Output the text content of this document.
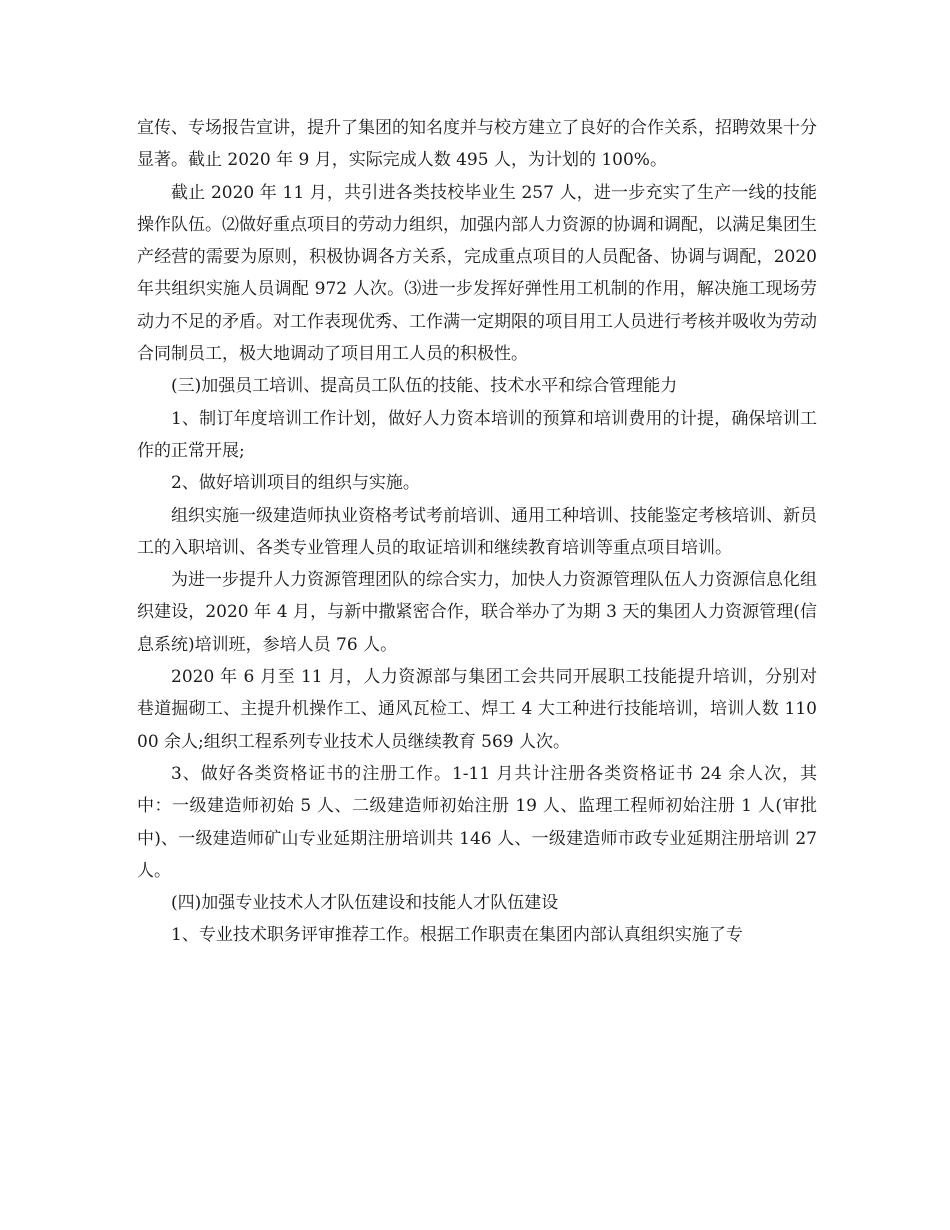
宣传、专场报告宣讲，提升了集团的知名度并与校方建立了良好的合作关系，招聘效果十分显著。截止 2020 年 9 月，实际完成人数 495 人，为计划的 100%。

截止 2020 年 11 月，共引进各类技校毕业生 257 人，进一步充实了生产一线的技能操作队伍。⑵做好重点项目的劳动力组织，加强内部人力资源的协调和调配，以满足集团生产经营的需要为原则，积极协调各方关系，完成重点项目的人员配备、协调与调配，2020 年共组织实施人员调配 972 人次。⑶进一步发挥好弹性用工机制的作用，解决施工现场劳动力不足的矛盾。对工作表现优秀、工作满一定期限的项目用工人员进行考核并吸收为劳动合同制员工，极大地调动了项目用工人员的积极性。

(三)加强员工培训、提高员工队伍的技能、技术水平和综合管理能力

1、制订年度培训工作计划，做好人力资本培训的预算和培训费用的计提，确保培训工作的正常开展;

2、做好培训项目的组织与实施。

组织实施一级建造师执业资格考试考前培训、通用工种培训、技能鉴定考核培训、新员工的入职培训、各类专业管理人员的取证培训和继续教育培训等重点项目培训。

为进一步提升人力资源管理团队的综合实力，加快人力资源管理队伍人力资源信息化组织建设，2020 年 4 月，与新中撒紧密合作，联合举办了为期 3 天的集团人力资源管理(信息系统)培训班，参培人员 76 人。

2020 年 6 月至 11 月，人力资源部与集团工会共同开展职工技能提升培训，分别对巷道掘砌工、主提升机操作工、通风瓦检工、焊工 4 大工种进行技能培训，培训人数 11000 余人;组织工程系列专业技术人员继续教育 569 人次。

3、做好各类资格证书的注册工作。1-11 月共计注册各类资格证书 24 余人次，其中：一级建造师初始 5 人、二级建造师初始注册 19 人、监理工程师初始注册 1 人(审批中)、一级建造师矿山专业延期注册培训共 146 人、一级建造师市政专业延期注册培训 27 人。

(四)加强专业技术人才队伍建设和技能人才队伍建设

1、专业技术职务评审推荐工作。根据工作职责在集团内部认真组织实施了专
